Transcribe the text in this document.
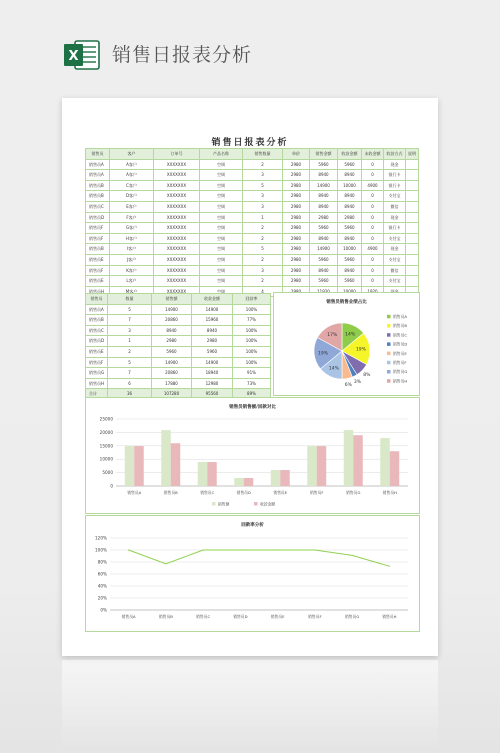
X 销售日报表分析
销售日报表分析
销售员	客户	订单号	产品名称	销售数量	单价	销售金额	收款金额	未收金额	收款方式	说明
销售员A	A客户	XXXXXXX	空调	2	2980	5960	5960	0	现金	
销售员A	A客户	XXXXXXX	空调	3	2980	8940	8940	0	银行卡	
销售员B	C客户	XXXXXXX	空调	5	2980	14900	10000	4900	银行卡	
销售员B	D客户	XXXXXXX	空调	3	2980	8940	8940	0	支付宝	
销售员C	E客户	XXXXXXX	空调	3	2980	8940	8940	0	微信	
销售员D	F客户	XXXXXXX	空调	1	2980	2980	2980	0	现金	
销售员F	G客户	XXXXXXX	空调	2	2980	5960	5960	0	银行卡	
销售员F	H客户	XXXXXXX	空调	2	2980	8940	8940	0	支付宝	
销售员B	I客户	XXXXXXX	空调	5	2980	14900	10000	4900	现金	
销售员E	J客户	XXXXXXX	空调	2	2980	5960	5960	0	支付宝	
销售员F	K客户	XXXXXXX	空调	3	2980	8940	8940	0	微信	
销售员E	L客户	XXXXXXX	空调	2	2980	5960	5960	0	支付宝	
销售员H	M客户	XXXXXXX	空调	4						
销售员	数量	销售额	收款金额	回款率
销售员A	5	14900	14900	100%
销售员B	7	20860	15960	77%
销售员C	3	8940	8940	100%
销售员D	1	2980	2980	100%
销售员E	2	5960	5960	100%
销售员F	5	14900	14900	100%
销售员G	7	20860	18940	91%
销售员H	6	17880	12980	73%
合计	36	107280	95560	89%
销售员销售业绩占比
14%
19%
8%
3%
6%
14%
19%
17%
销售员A
销售员B
销售员C
销售员D
销售员E
销售员F
销售员G
销售员H
销售员销售额/回款对比
0
5000
10000
15000
20000
25000
销售员A	销售员B	销售员C	销售员D	销售员E	销售员F	销售员G	销售员H
销售额	收款金额
回款率分析
0%
20%
40%
60%
80%
100%
120%
销售员A	销售员B	销售员C	销售员D	销售员E	销售员F	销售员G	销售员H
